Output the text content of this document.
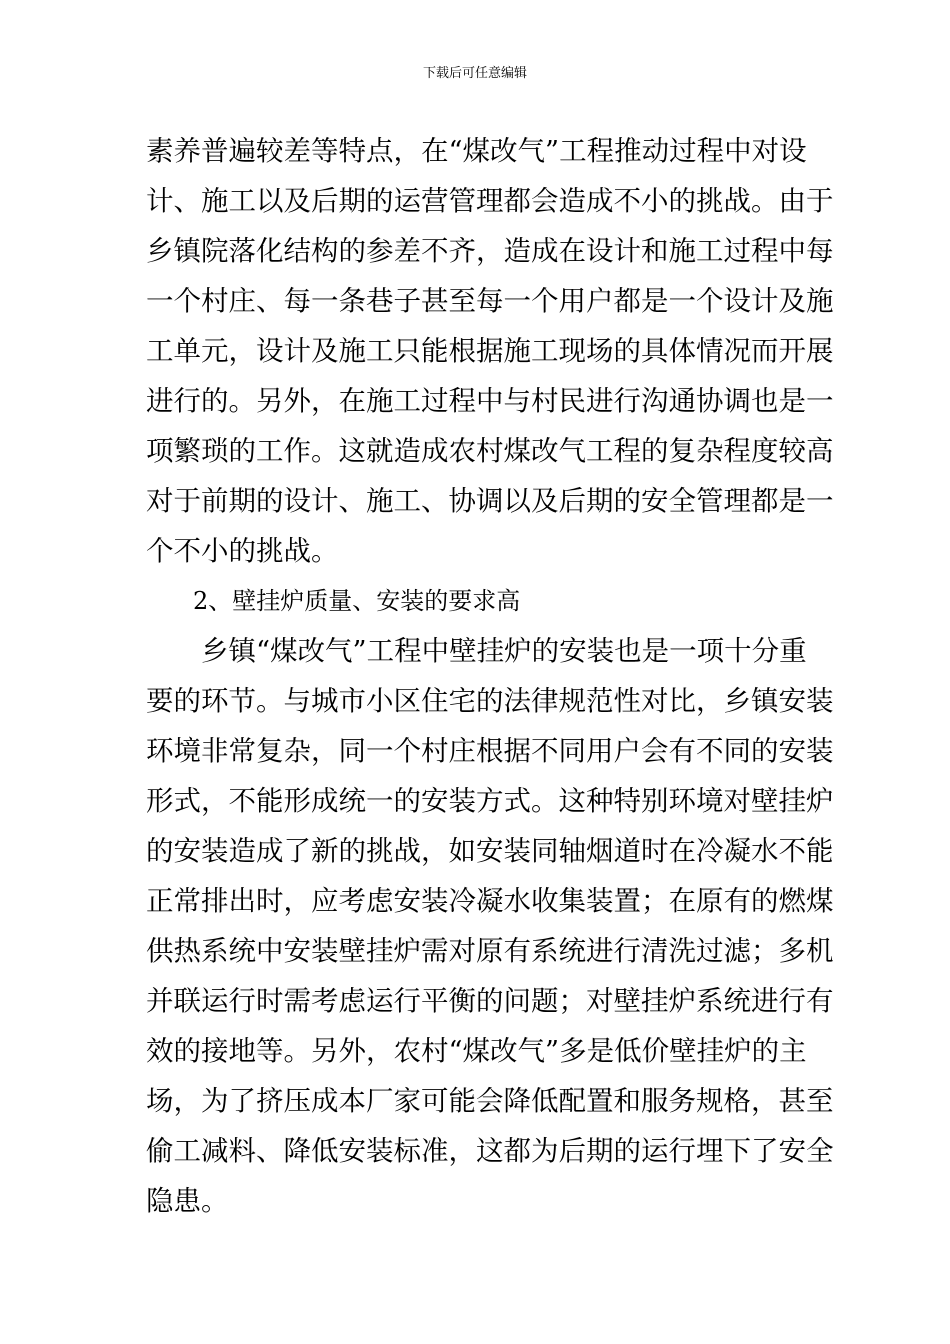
下载后可任意编辑
素养普遍较差等特点，在“煤改气”工程推动过程中对设
计、施工以及后期的运营管理都会造成不小的挑战。由于
乡镇院落化结构的参差不齐，造成在设计和施工过程中每
一个村庄、每一条巷子甚至每一个用户都是一个设计及施
工单元，设计及施工只能根据施工现场的具体情况而开展
进行的。另外，在施工过程中与村民进行沟通协调也是一
项繁琐的工作。这就造成农村煤改气工程的复杂程度较高
对于前期的设计、施工、协调以及后期的安全管理都是一
个不小的挑战。
2、壁挂炉质量、安装的要求高
乡镇“煤改气”工程中壁挂炉的安装也是一项十分重
要的环节。与城市小区住宅的法律规范性对比，乡镇安装
环境非常复杂，同一个村庄根据不同用户会有不同的安装
形式，不能形成统一的安装方式。这种特别环境对壁挂炉
的安装造成了新的挑战，如安装同轴烟道时在冷凝水不能
正常排出时，应考虑安装冷凝水收集装置；在原有的燃煤
供热系统中安装壁挂炉需对原有系统进行清洗过滤；多机
并联运行时需考虑运行平衡的问题；对壁挂炉系统进行有
效的接地等。另外，农村“煤改气”多是低价壁挂炉的主
场，为了挤压成本厂家可能会降低配置和服务规格，甚至
偷工减料、降低安装标准，这都为后期的运行埋下了安全
隐患。
